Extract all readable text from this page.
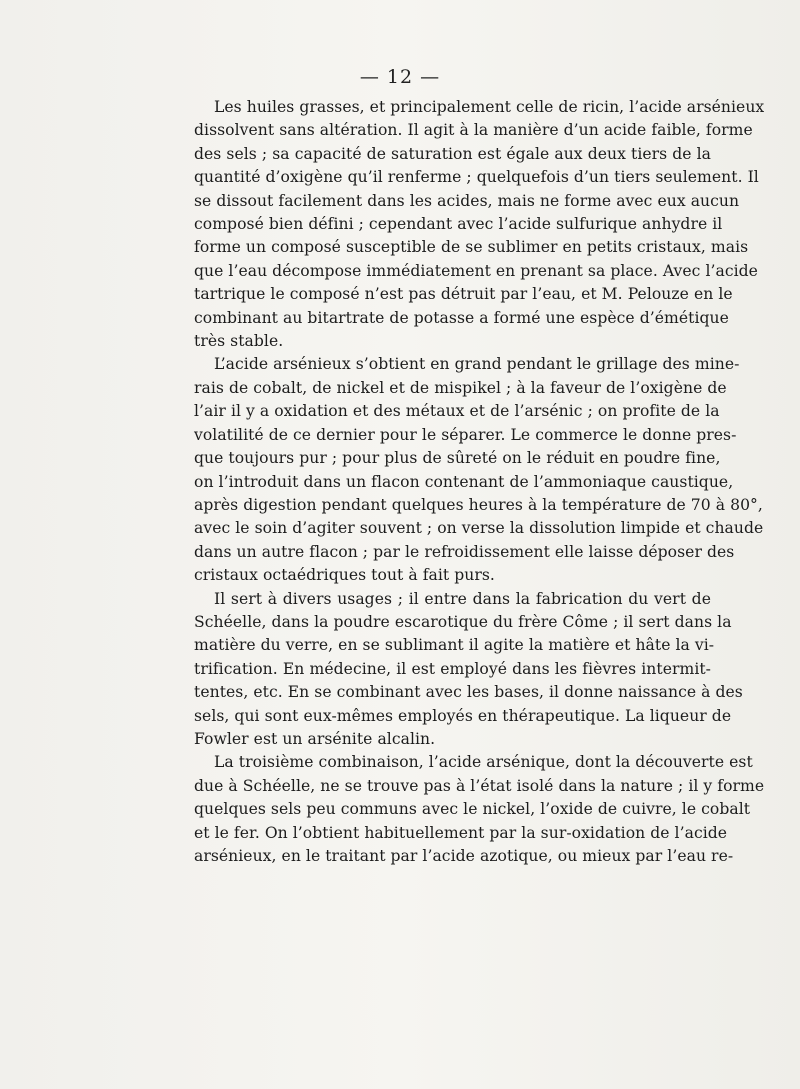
— 12 —
Les huiles grasses, et principalement celle de ricin, l’acide arsénieux
dissolvent sans altération. Il agit à la manière d’un acide faible, forme
des sels ; sa capacité de saturation est égale aux deux tiers de la
quantité d’oxigène qu’il renferme ; quelquefois d’un tiers seulement. Il
se dissout facilement dans les acides, mais ne forme avec eux aucun
composé bien défini ; cependant avec l’acide sulfurique anhydre il
forme un composé susceptible de se sublimer en petits cristaux, mais
que l’eau décompose immédiatement en prenant sa place. Avec l’acide
tartrique le composé n’est pas détruit par l’eau, et M. Pelouze en le
combinant au bitartrate de potasse a formé une espèce d’émétique
très stable.
L’acide arsénieux s’obtient en grand pendant le grillage des mine-
rais de cobalt, de nickel et de mispikel ; à la faveur de l’oxigène de
l’air il y a oxidation et des métaux et de l’arsénic ; on profite de la
volatilité de ce dernier pour le séparer. Le commerce le donne pres-
que toujours pur ; pour plus de sûreté on le réduit en poudre fine,
on l’introduit dans un flacon contenant de l’ammoniaque caustique,
après digestion pendant quelques heures à la température de 70 à 80°,
avec le soin d’agiter souvent ; on verse la dissolution limpide et chaude
dans un autre flacon ; par le refroidissement elle laisse déposer des
cristaux octaédriques tout à fait purs.
Il sert à divers usages ; il entre dans la fabrication du vert de
Schéelle, dans la poudre escarotique du frère Côme ; il sert dans la
matière du verre, en se sublimant il agite la matière et hâte la vi-
trification. En médecine, il est employé dans les fièvres intermit-
tentes, etc. En se combinant avec les bases, il donne naissance à des
sels, qui sont eux-mêmes employés en thérapeutique. La liqueur de
Fowler est un arsénite alcalin.
La troisième combinaison, l’acide arsénique, dont la découverte est
due à Schéelle, ne se trouve pas à l’état isolé dans la nature ; il y forme
quelques sels peu communs avec le nickel, l’oxide de cuivre, le cobalt
et le fer. On l’obtient habituellement par la sur-oxidation de l’acide
arsénieux, en le traitant par l’acide azotique, ou mieux par l’eau re-
